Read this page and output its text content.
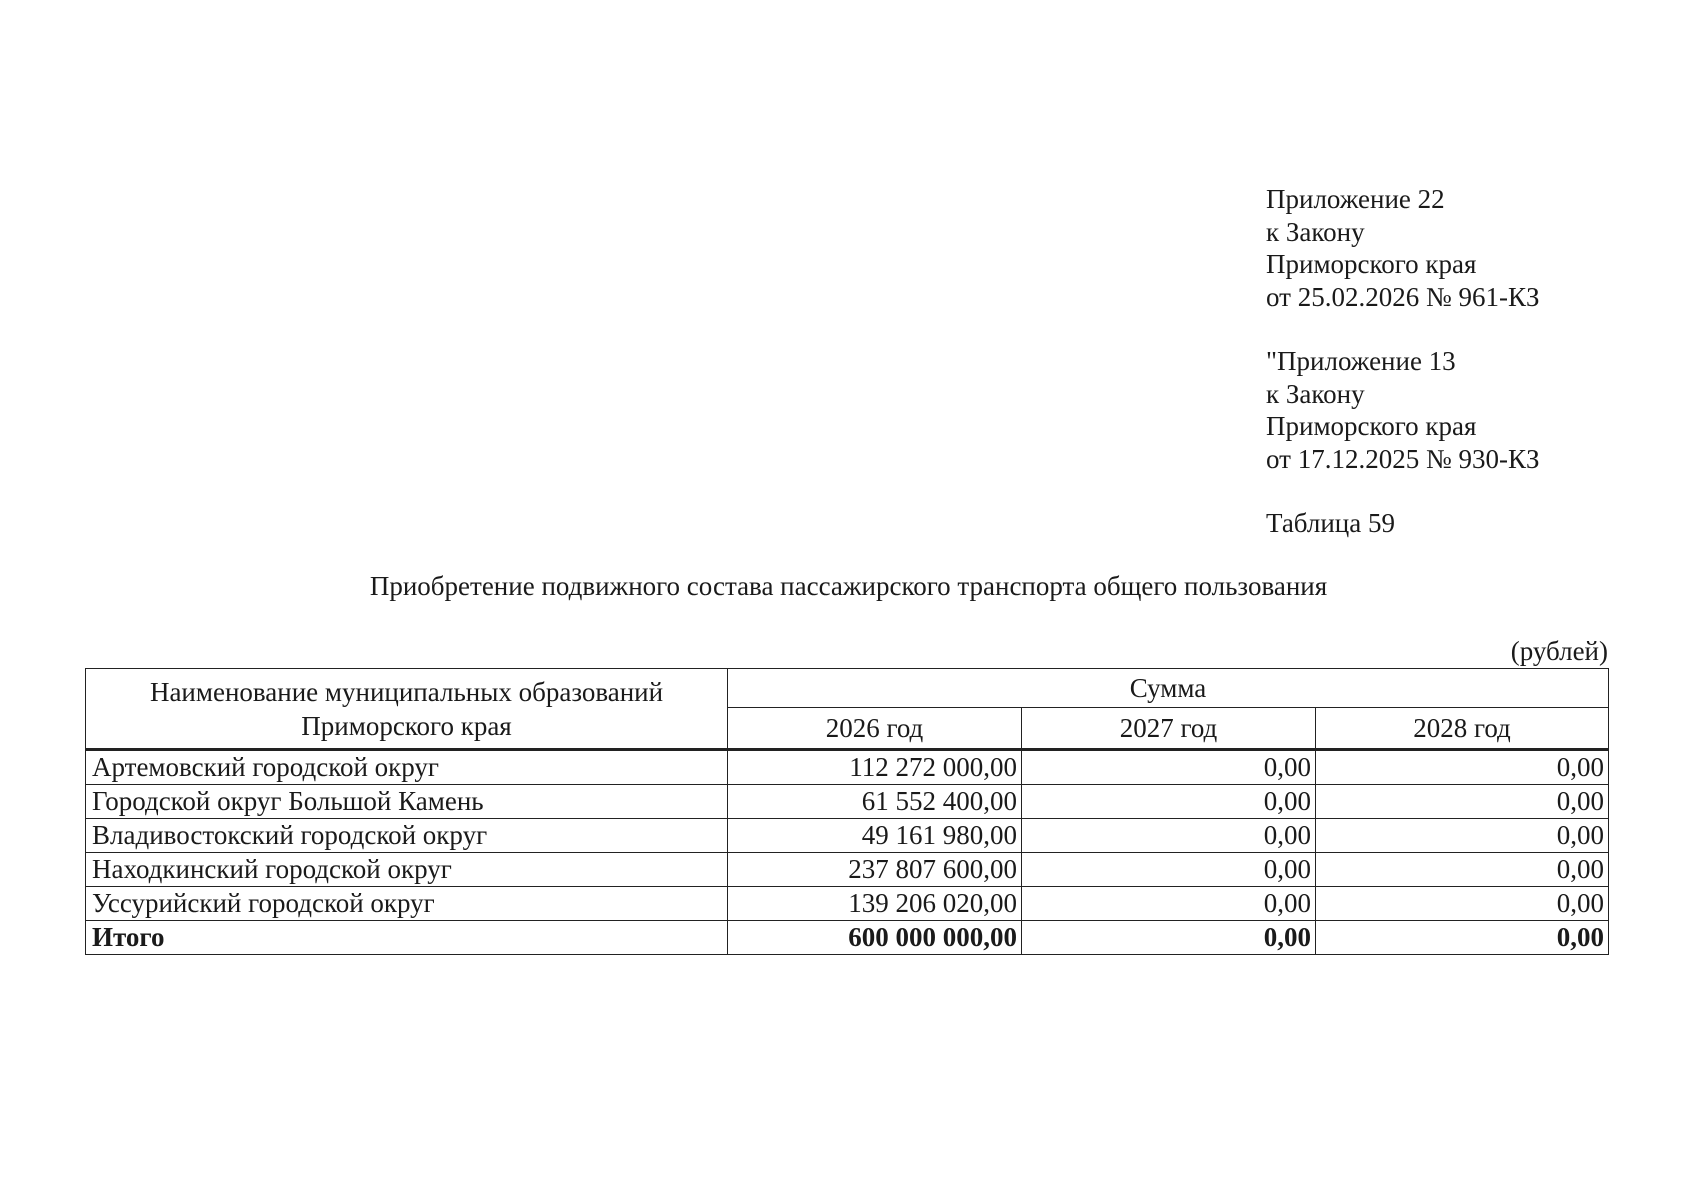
Приложение 22
к Закону
Приморского края
от 25.02.2026 № 961-КЗ
"Приложение 13
к Закону
Приморского края
от 17.12.2025 № 930-КЗ
Таблица 59
Приобретение подвижного состава пассажирского транспорта общего пользования
(рублей)
Наименование муниципальных образований Приморского края	Сумма		
	2026 год	2027 год	2028 год
Артемовский городской округ	112 272 000,00	0,00	0,00
Городской округ Большой Камень	61 552 400,00	0,00	0,00
Владивостокский городской округ	49 161 980,00	0,00	0,00
Находкинский городской округ	237 807 600,00	0,00	0,00
Уссурийский городской округ	139 206 020,00	0,00	0,00
Итого	600 000 000,00	0,00	0,00
